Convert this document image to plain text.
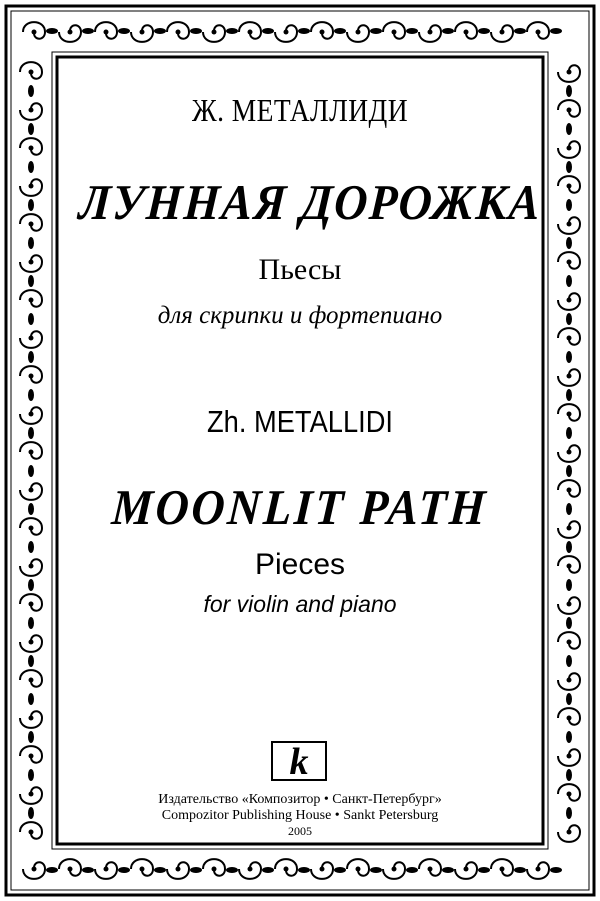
Ж. МЕТАЛЛИДИ
ЛУННАЯ ДОРОЖКА
Пьесы
для скрипки и фортепиано
Zh. METALLIDI
MOONLIT PATH
Pieces
for violin and piano
k
Издательство «Композитор • Санкт-Петербург»
Compozitor Publishing House • Sankt Petersburg
2005
